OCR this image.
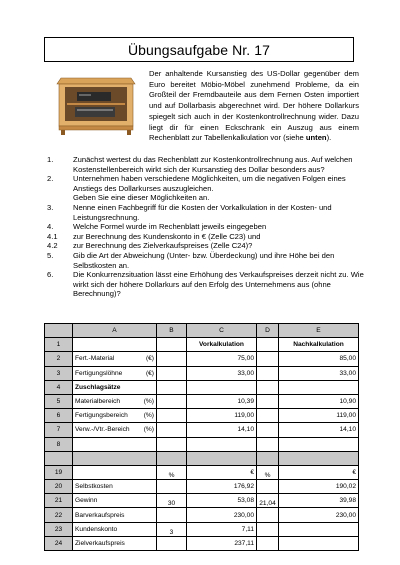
Übungsaufgabe Nr. 17
Der anhaltende Kursanstieg des US-Dollar gegenüber dem Euro bereitet Möbio-Möbel zunehmend Probleme, da ein Großteil der Fremdbauteile aus dem Fernen Osten importiert und auf Dollarbasis abgerechnet wird. Der höhere Dollarkurs spiegelt sich auch in der Kostenkontrollrechnung wider. Dazu liegt dir für einen Eckschrank ein Auszug aus einem Rechenblatt zur Tabellenkalkulation vor (siehe unten).
1.	Zunächst wertest du das Rechenblatt zur Kostenkontrollrechnung aus. Auf welchen Kostenstellenbereich wirkt sich der Kursanstieg des Dollar besonders aus?
2.	Unternehmen haben verschiedene Möglichkeiten, um die negativen Folgen eines Anstiegs des Dollarkurses auszugleichen.
Geben Sie eine dieser Möglichkeiten an.
3.	Nenne einen Fachbegriff für die Kosten der Vorkalkulation in der Kosten- und Leistungsrechnung.
4.	Welche Formel wurde im Rechenblatt jeweils eingegeben
4.1	zur Berechnung des Kundenskonto in € (Zelle C23) und
4.2	zur Berechnung des Zielverkaufspreises (Zelle C24)?
5.	Gib die Art der Abweichung (Unter- bzw. Überdeckung) und ihre Höhe bei den Selbstkosten an.
6.	Die Konkurrenzsituation lässt eine Erhöhung des Verkaufspreises derzeit nicht zu. Wie wirkt sich der höhere Dollarkurs auf den Erfolg des Unternehmens aus (ohne Berechnung)?
	A	B	C	D	E
1			Vorkalkulation		Nachkalkulation
2	Fert.-Material (€)		75,00		85,00
3	Fertigungslöhne (€)		33,00		33,00
4	Zuschlagsätze				
5	Materialbereich (%)		10,39		10,90
6	Fertigungsbereich (%)		119,00		119,00
7	Verw.-/Vtr.-Bereich (%)		14,10		14,10
8					

19		%	€	%	€
20	Selbstkosten		176,92		190,02
21	Gewinn	30	53,08	21,04	39,98
22	Barverkaufspreis		230,00		230,00
23	Kundenskonto	3	7,11		
24	Zielverkaufspreis		237,11		
